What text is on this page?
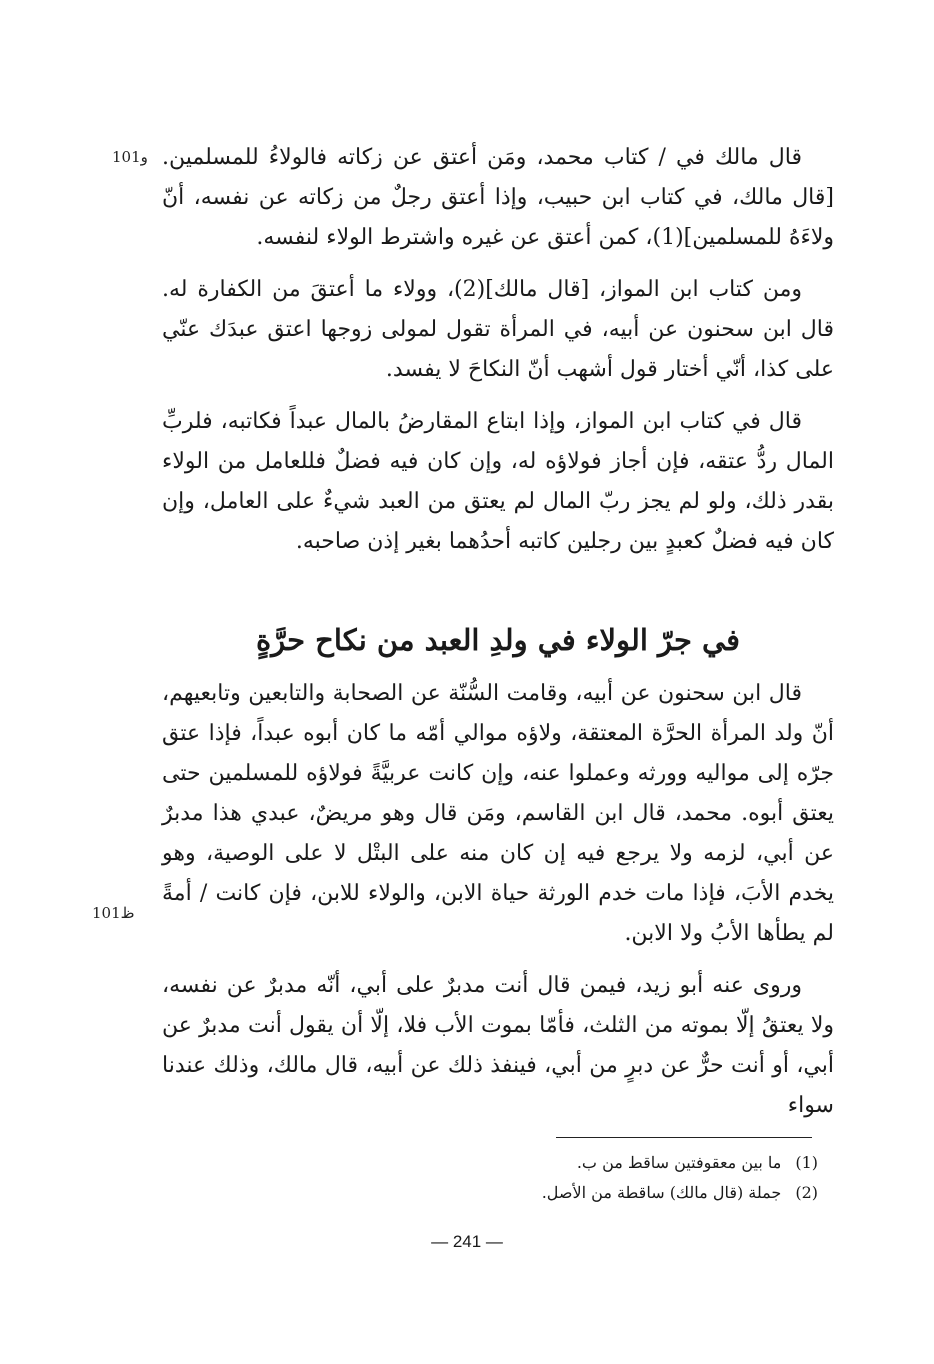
101و قال مالك في / كتاب محمد، ومَن أعتق عن زكاته فالولاءُ للمسلمين. [قال مالك، في كتاب ابن حبيب، وإذا أعتق رجلٌ من زكاته عن نفسه، أنّ ولاءَهُ للمسلمين](1)، كمن أعتق عن غيره واشترط الولاء لنفسه.

ومن كتاب ابن المواز، [قال مالك](2)، وولاء ما أعتقَ من الكفارة له. قال ابن سحنون عن أبيه، في المرأة تقول لمولى زوجها اعتق عبدَك عنّي على كذا، أنّي أختار قول أشهب أنّ النكاحَ لا يفسد.

قال في كتاب ابن المواز، وإذا ابتاع المقارضُ بالمال عبداً فكاتبه، فلربِّ المال ردُّ عتقه، فإن أجاز فولاؤه له، وإن كان فيه فضلٌ فللعامل من الولاء بقدر ذلك، ولو لم يجز ربّ المال لم يعتق من العبد شيءٌ على العامل، وإن كان فيه فضلٌ كعبدٍ بين رجلين كاتبه أحدُهما بغير إذن صاحبه.

في جرّ الولاء في ولدِ العبد من نكاح حرَّةٍ

قال ابن سحنون عن أبيه، وقامت السُّنّة عن الصحابة والتابعين وتابعيهم، أنّ ولد المرأة الحرَّة المعتقة، ولاؤه موالي أمّه ما كان أبوه عبداً، فإذا عتق جرّه إلى مواليه وورثه وعملوا عنه، وإن كانت عربيَّةً فولاؤه للمسلمين حتى يعتق أبوه. محمد، قال ابن القاسم، ومَن قال وهو مريضٌ، عبدي هذا مدبرٌ عن أبي، لزمه ولا يرجع فيه إن كان منه على البتْل لا على الوصية، وهو يخدم الأبَ، فإذا مات خدم الورثة حياة الابن، والولاء للابن، فإن كانت / أمةً لم يطأها الأبُ ولا الابن.

وروى عنه أبو زيد، فيمن قال أنت مدبرٌ على أبي، أنّه مدبرٌ عن نفسه، ولا يعتقُ إلّا بموته من الثلث، فأمّا بموت الأب فلا، إلّا أن يقول أنت مدبرٌ عن أبي، أو أنت حرٌّ عن دبرٍ من أبي، فينفذ ذلك عن أبيه، قال مالك، وذلك عندنا سواء

101ظ
(1)
ما بين معقوفتين ساقط من ب.
(2)
جملة (قال مالك) ساقطة من الأصل.
— 241 —
